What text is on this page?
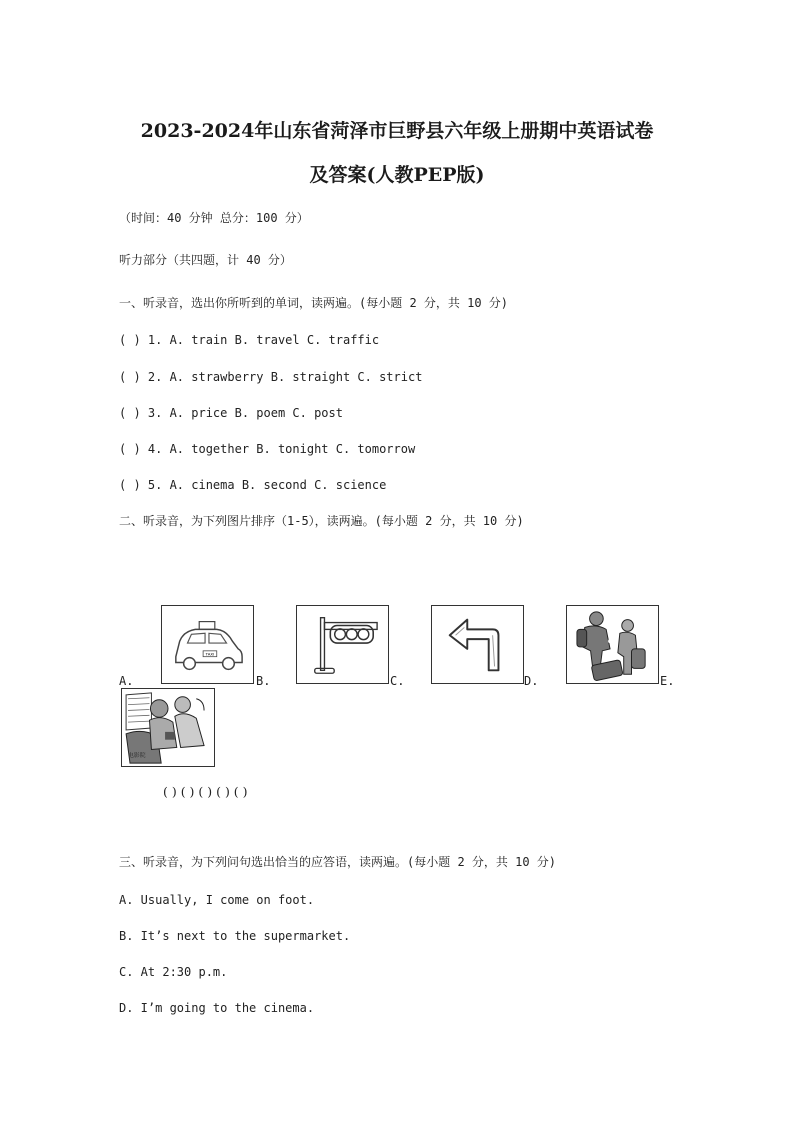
2023-2024年山东省菏泽市巨野县六年级上册期中英语试卷
及答案(人教PEP版)
（时间：40 分钟 总分：100 分）
听力部分（共四题，计 40 分）
一、听录音，选出你所听到的单词，读两遍。(每小题 2 分，共 10 分)
( ) 1. A. train B. travel C. traffic
( ) 2. A. strawberry B. straight C. strict
( ) 3. A. price B. poem C. post
( ) 4. A. together B. tonight C. tomorrow
( ) 5. A. cinema B. second C. science
二、听录音，为下列图片排序（1-5），读两遍。(每小题 2 分，共 10 分)
A.
TAXI
B.	C.	D.	E.
电影院
( ) ( ) ( ) ( ) ( )
三、听录音，为下列问句选出恰当的应答语，读两遍。(每小题 2 分，共 10 分)
A. Usually, I come on foot.
B. It’s next to the supermarket.
C. At 2:30 p.m.
D. I’m going to the cinema.
